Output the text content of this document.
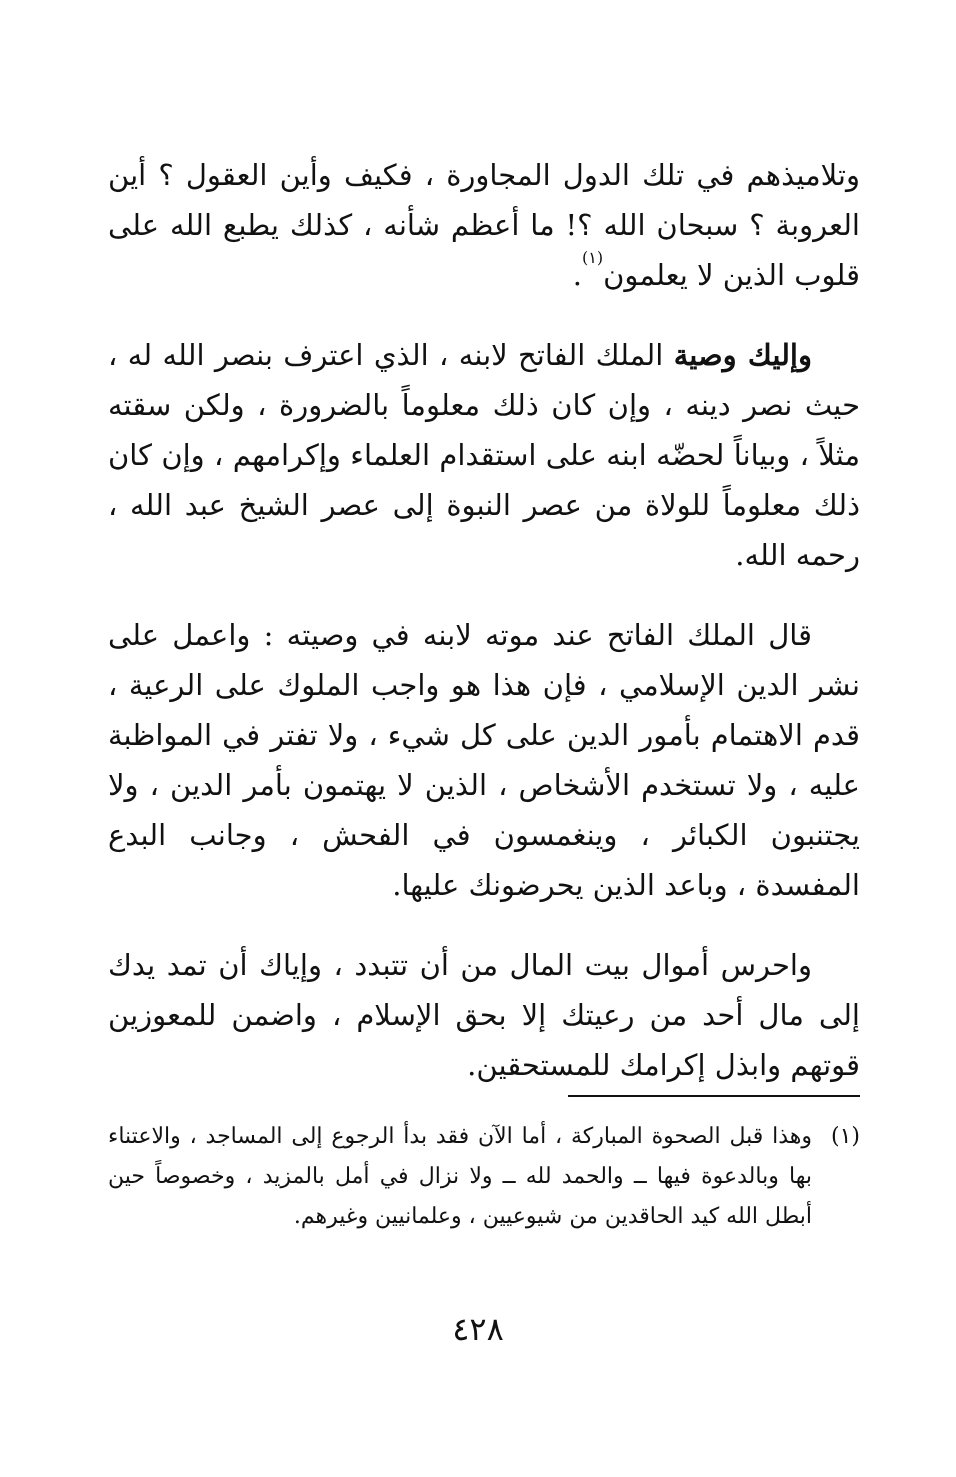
وتلاميذهم في تلك الدول المجاورة ، فكيف وأين العقول ؟ أين العروبة ؟ سبحان الله ؟! ما أعظم شأنه ، كذلك يطبع الله على قلوب الذين لا يعلمون$^{(١)}$.

وإليك وصية الملك الفاتح لابنه ، الذي اعترف بنصر الله له ، حيث نصر دينه ، وإن كان ذلك معلوماً بالضرورة ، ولكن سقته مثلاً ، وبياناً لحضّه ابنه على استقدام العلماء وإكرامهم ، وإن كان ذلك معلوماً للولاة من عصر النبوة إلى عصر الشيخ عبد الله ، رحمه الله.

قال الملك الفاتح عند موته لابنه في وصيته : واعمل على نشر الدين الإسلامي ، فإن هذا هو واجب الملوك على الرعية ، قدم الاهتمام بأمور الدين على كل شيء ، ولا تفتر في المواظبة عليه ، ولا تستخدم الأشخاص ، الذين لا يهتمون بأمر الدين ، ولا يجتنبون الكبائر ، وينغمسون في الفحش ، وجانب البدع المفسدة ، وباعد الذين يحرضونك عليها.

واحرس أموال بيت المال من أن تتبدد ، وإياك أن تمد يدك إلى مال أحد من رعيتك إلا بحق الإسلام ، واضمن للمعوزين قوتهم وابذل إكرامك للمستحقين.

(١)
وهذا قبل الصحوة المباركة ، أما الآن فقد بدأ الرجوع إلى المساجد ، والاعتناء بها وبالدعوة فيها ــ والحمد لله ــ ولا نزال في أمل بالمزيد ، وخصوصاً حين أبطل الله كيد الحاقدين من شيوعيين ، وعلمانيين وغيرهم.
٤٢٨
